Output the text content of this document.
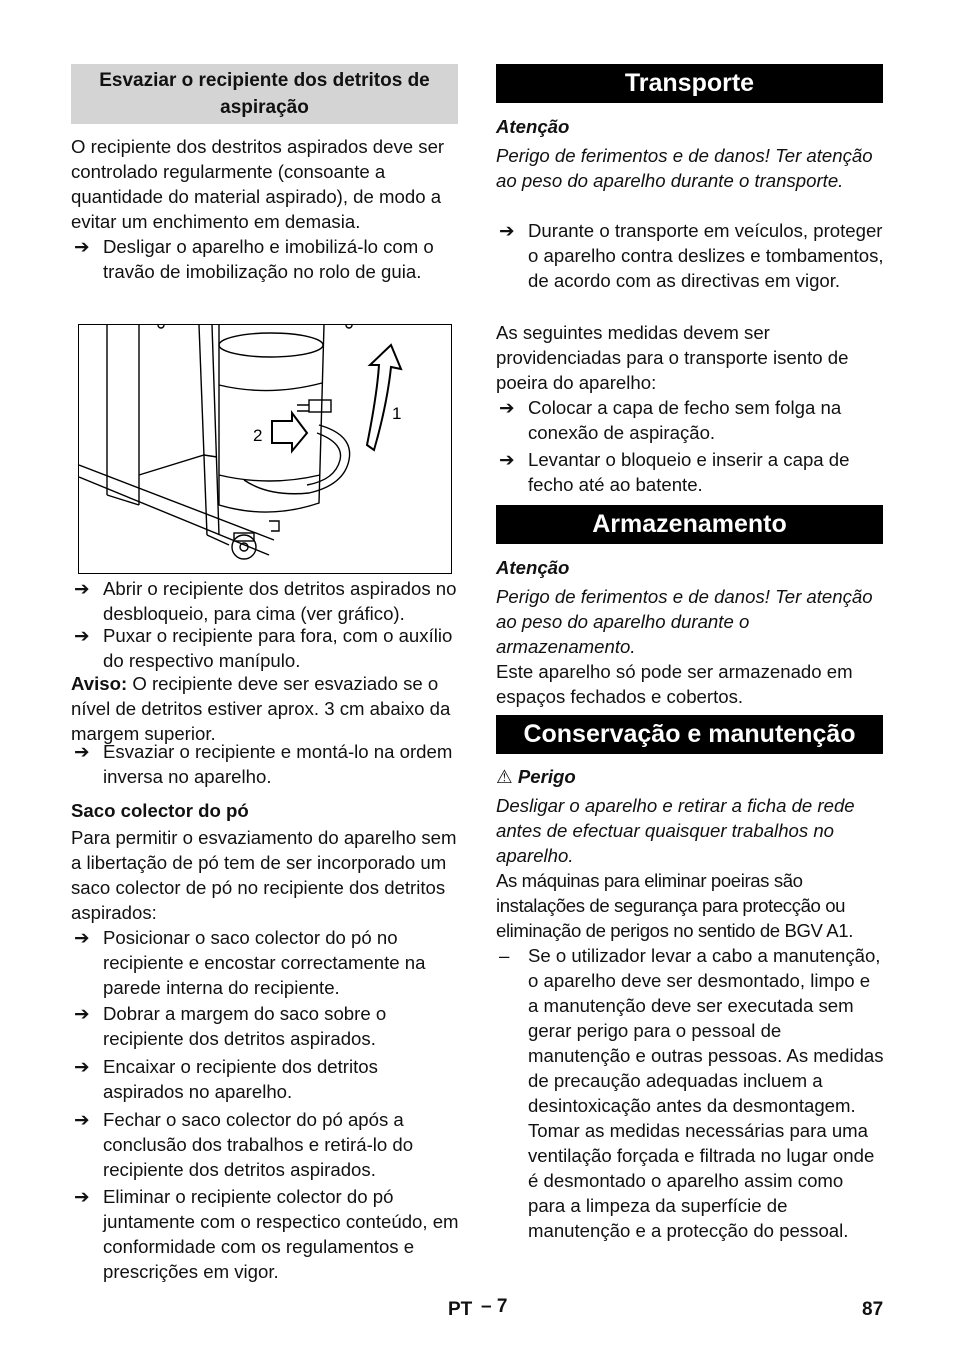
Esvaziar o recipiente dos detritos de aspiração

O recipiente dos destritos aspirados deve ser controlado regularmente (consoante a quantidade do material aspirado), de modo a evitar um enchimento em demasia.

➔ Desligar o aparelho e imobilizá-lo com o travão de imobilização no rolo de guia.
2
1
➔ Abrir o recipiente dos detritos aspirados no desbloqueio, para cima (ver gráfico).
➔ Puxar o recipiente para fora, com o auxílio do respectivo manípulo.

Aviso: O recipiente deve ser esvaziado se o nível de detritos estiver aprox. 3 cm abaixo da margem superior.

➔ Esvaziar o recipiente e montá-lo na ordem inversa no aparelho.
Saco colector do pó

Para permitir o esvaziamento do aparelho sem a libertação de pó tem de ser incorporado um saco colector de pó no recipiente dos detritos aspirados:

➔ Posicionar o saco colector do pó no recipiente e encostar correctamente na parede interna do recipiente.
➔ Dobrar a margem do saco sobre o recipiente dos detritos aspirados.
➔ Encaixar o recipiente dos detritos aspirados no aparelho.
➔ Fechar o saco colector do pó após a conclusão dos trabalhos e retirá-lo do recipiente dos detritos aspirados.
➔ Eliminar o recipiente colector do pó juntamente com o respectico conteúdo, em conformidade com os regulamentos e prescrições em vigor.
Transporte
Atenção

Perigo de ferimentos e de danos! Ter atenção ao peso do aparelho durante o transporte.

➔ Durante o transporte em veículos, proteger o aparelho contra deslizes e tombamentos, de acordo com as directivas em vigor.

As seguintes medidas devem ser providenciadas para o transporte isento de poeira do aparelho:

➔ Colocar a capa de fecho sem folga na conexão de aspiração.
➔ Levantar o bloqueio e inserir a capa de fecho até ao batente.
Armazenamento
Atenção

Perigo de ferimentos e de danos! Ter atenção ao peso do aparelho durante o armazenamento.

Este aparelho só pode ser armazenado em espaços fechados e cobertos.

Conservação e manutenção
⚠ Perigo

Desligar o aparelho e retirar a ficha de rede antes de efectuar quaisquer trabalhos no aparelho.

As máquinas para eliminar poeiras são instalações de segurança para protecção ou eliminação de perigos no sentido de BGV A1.

– Se o utilizador levar a cabo a manutenção, o aparelho deve ser desmontado, limpo e a manutenção deve ser executada sem gerar perigo para o pessoal de manutenção e outras pessoas. As medidas de precaução adequadas incluem a desintoxicação antes da desmontagem. Tomar as medidas necessárias para uma ventilação forçada e filtrada no lugar onde é desmontado o aparelho assim como para a limpeza da superfície de manutenção e a protecção do pessoal.
PT – 7	87
